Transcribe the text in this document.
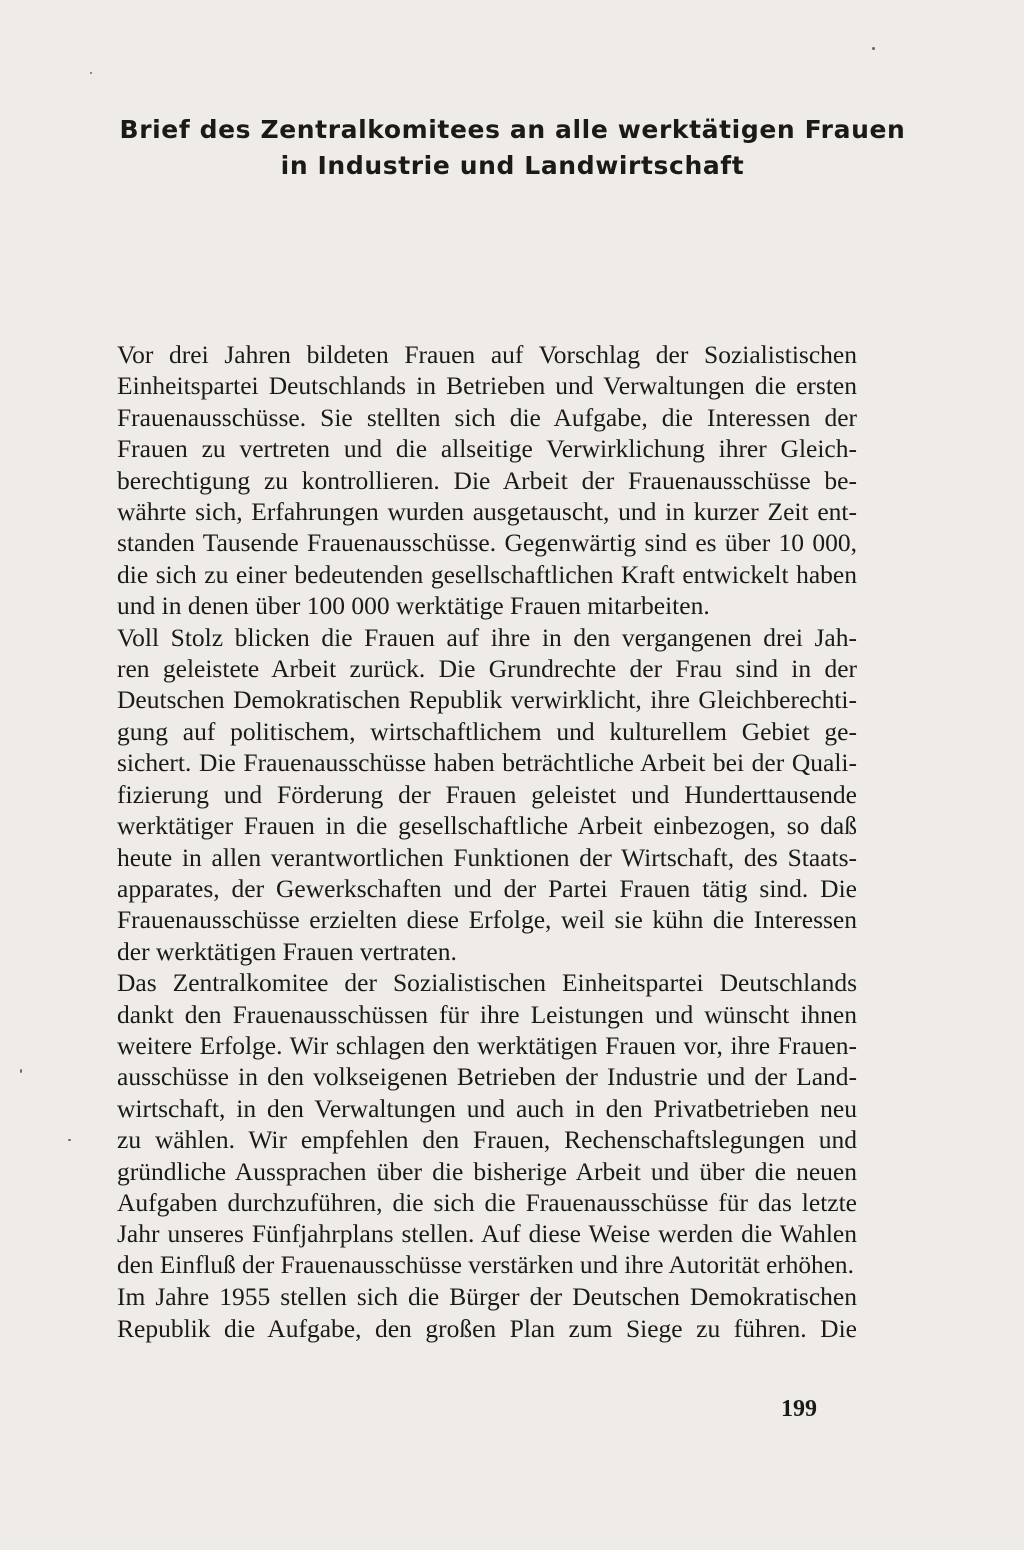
Brief des Zentralkomitees an alle werktätigen Frauen
in Industrie und Landwirtschaft

Vor drei Jahren bildeten Frauen auf Vorschlag der Sozialistischen
Einheitspartei Deutschlands in Betrieben und Verwaltungen die ersten
Frauenausschüsse. Sie stellten sich die Aufgabe, die Interessen der
Frauen zu vertreten und die allseitige Verwirklichung ihrer Gleich-
berechtigung zu kontrollieren. Die Arbeit der Frauenausschüsse be-
währte sich, Erfahrungen wurden ausgetauscht, und in kurzer Zeit ent-
standen Tausende Frauenausschüsse. Gegenwärtig sind es über 10 000,
die sich zu einer bedeutenden gesellschaftlichen Kraft entwickelt haben
und in denen über 100 000 werktätige Frauen mitarbeiten.

Voll Stolz blicken die Frauen auf ihre in den vergangenen drei Jah-
ren geleistete Arbeit zurück. Die Grundrechte der Frau sind in der
Deutschen Demokratischen Republik verwirklicht, ihre Gleichberechti-
gung auf politischem, wirtschaftlichem und kulturellem Gebiet ge-
sichert. Die Frauenausschüsse haben beträchtliche Arbeit bei der Quali-
fizierung und Förderung der Frauen geleistet und Hunderttausende
werktätiger Frauen in die gesellschaftliche Arbeit einbezogen, so daß
heute in allen verantwortlichen Funktionen der Wirtschaft, des Staats-
apparates, der Gewerkschaften und der Partei Frauen tätig sind. Die
Frauenausschüsse erzielten diese Erfolge, weil sie kühn die Interessen
der werktätigen Frauen vertraten.

Das Zentralkomitee der Sozialistischen Einheitspartei Deutschlands
dankt den Frauenausschüssen für ihre Leistungen und wünscht ihnen
weitere Erfolge. Wir schlagen den werktätigen Frauen vor, ihre Frauen-
ausschüsse in den volkseigenen Betrieben der Industrie und der Land-
wirtschaft, in den Verwaltungen und auch in den Privatbetrieben neu
zu wählen. Wir empfehlen den Frauen, Rechenschaftslegungen und
gründliche Aussprachen über die bisherige Arbeit und über die neuen
Aufgaben durchzuführen, die sich die Frauenausschüsse für das letzte
Jahr unseres Fünfjahrplans stellen. Auf diese Weise werden die Wahlen
den Einfluß der Frauenausschüsse verstärken und ihre Autorität erhöhen.

Im Jahre 1955 stellen sich die Bürger der Deutschen Demokratischen
Republik die Aufgabe, den großen Plan zum Siege zu führen. Die

199
